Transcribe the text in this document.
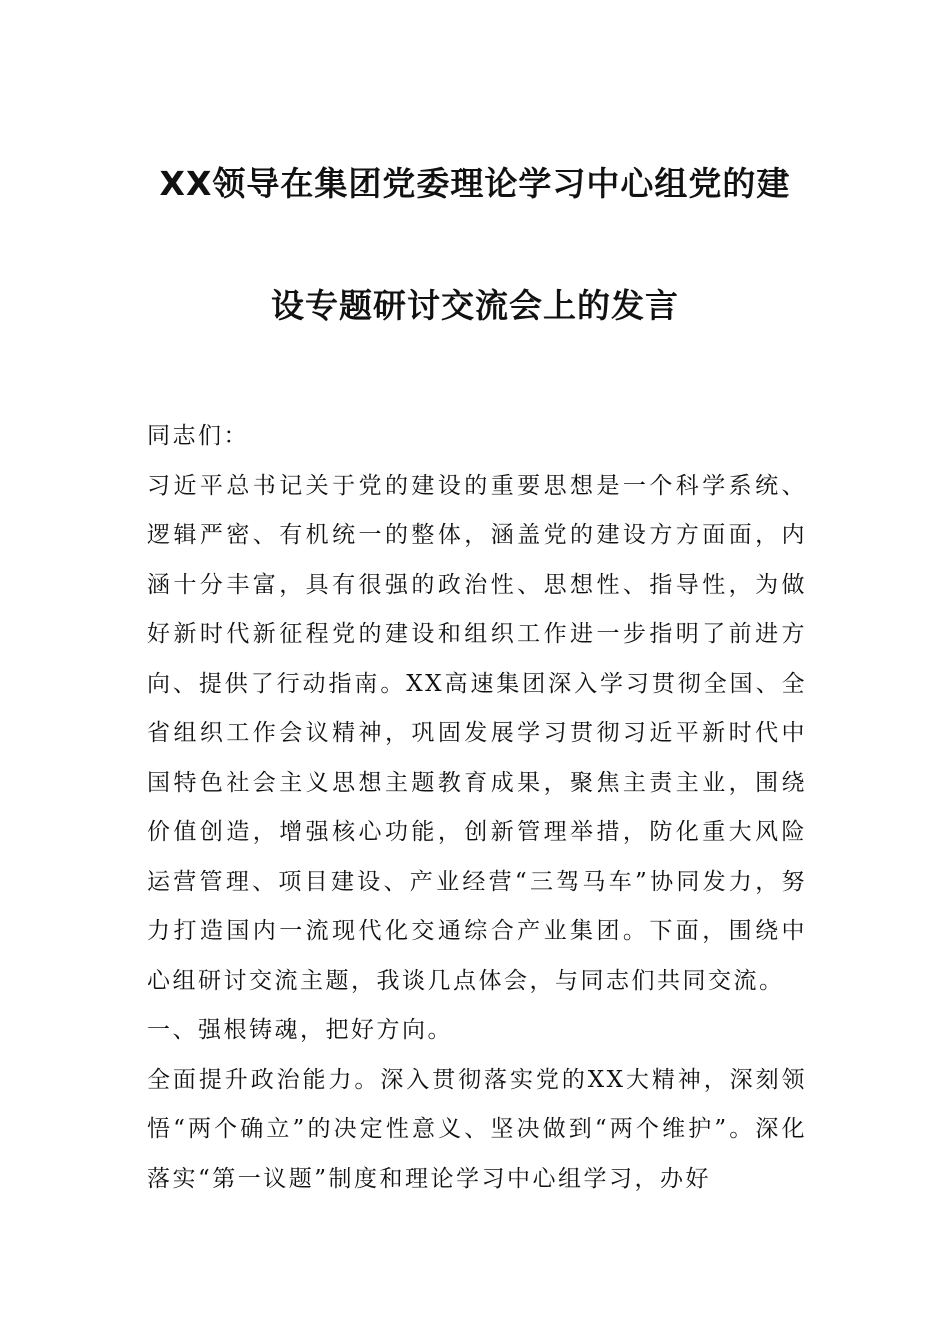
XX领导在集团党委理论学习中心组党的建
设专题研讨交流会上的发言

同志们：

习近平总书记关于党的建设的重要思想是一个科学系统、逻辑严密、有机统一的整体，涵盖党的建设方方面面，内涵十分丰富，具有很强的政治性、思想性、指导性，为做好新时代新征程党的建设和组织工作进一步指明了前进方向、提供了行动指南。XX高速集团深入学习贯彻全国、全省组织工作会议精神，巩固发展学习贯彻习近平新时代中国特色社会主义思想主题教育成果，聚焦主责主业，围绕价值创造，增强核心功能，创新管理举措，防化重大风险运营管理、项目建设、产业经营“三驾马车”协同发力，努力打造国内一流现代化交通综合产业集团。下面，围绕中心组研讨交流主题，我谈几点体会，与同志们共同交流。

一、强根铸魂，把好方向。

全面提升政治能力。深入贯彻落实党的XX大精神，深刻领悟“两个确立”的决定性意义、坚决做到“两个维护”。深化落实“第一议题”制度和理论学习中心组学习，办好
